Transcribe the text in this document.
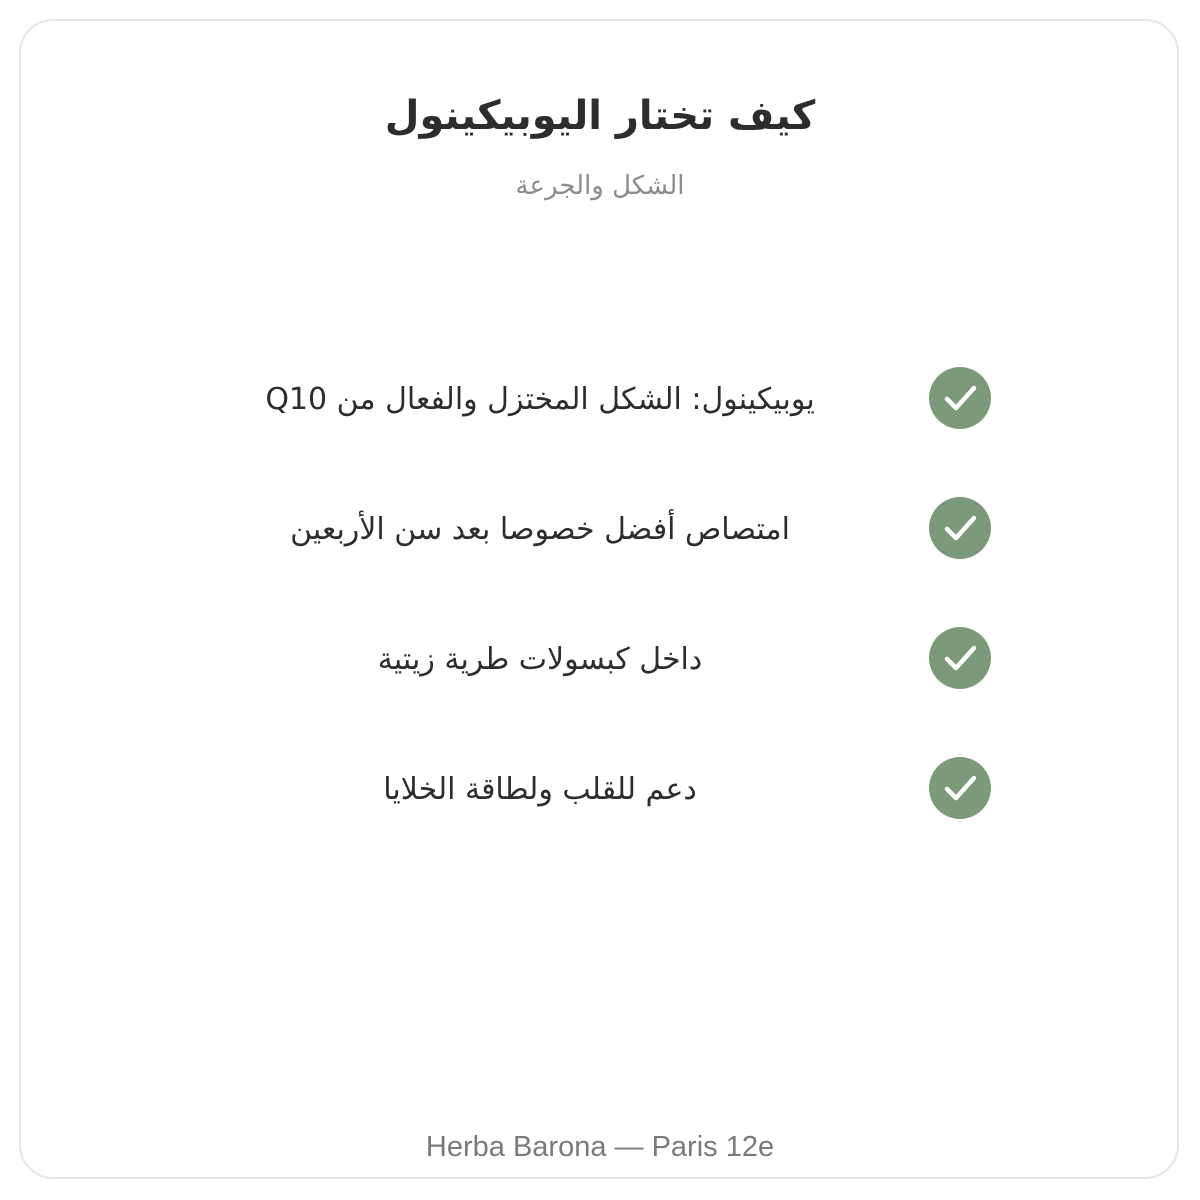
كيف تختار اليوبيكينول
الشكل والجرعة
يوبيكينول: الشكل المختزل والفعال من Q10
امتصاص أفضل خصوصا بعد سن الأربعين
داخل كبسولات طرية زيتية
دعم للقلب ولطاقة الخلايا
Herba Barona — Paris 12e
